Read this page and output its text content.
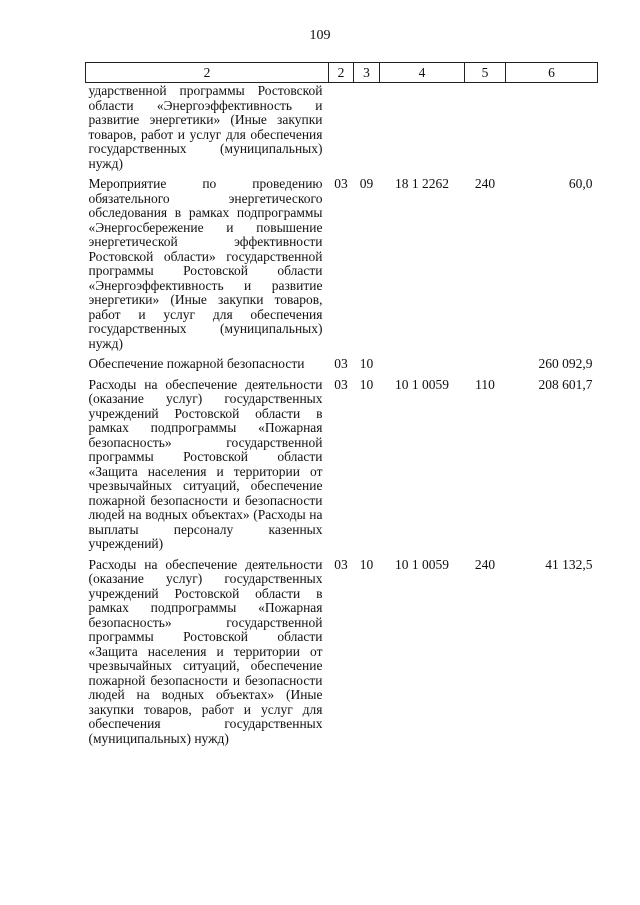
109
2	2	3	4	5	6
ударственной программы Ростовской области «Энергоэффективность и развитие энергетики» (Иные закупки товаров, работ и услуг для обеспечения государственных (муниципальных) нужд)					
Мероприятие по проведению обязательного энергетического обследования в рамках подпрограммы «Энергосбережение и повышение энергетической эффективности Ростовской области» государственной программы Ростовской области «Энергоэффективность и развитие энергетики» (Иные закупки товаров, работ и услуг для обеспечения государственных (муниципальных) нужд)	03	09	18 1 2262	240	60,0
Обеспечение пожарной безопасности	03	10			260 092,9
Расходы на обеспечение деятельности (оказание услуг) государственных учреждений Ростовской области в рамках подпрограммы «Пожарная безопасность» государственной программы Ростовской области «Защита населения и территории от чрезвычайных ситуаций, обеспечение пожарной безопасности и безопасности людей на водных объектах» (Расходы на выплаты персоналу казенных учреждений)	03	10	10 1 0059	110	208 601,7
Расходы на обеспечение деятельности (оказание услуг) государственных учреждений Ростовской области в рамках подпрограммы «Пожарная безопасность» государственной программы Ростовской области «Защита населения и территории от чрезвычайных ситуаций, обеспечение пожарной безопасности и безопасности людей на водных объектах» (Иные закупки товаров, работ и услуг для обеспечения государственных (муниципальных) нужд)	03	10	10 1 0059	240	41 132,5
